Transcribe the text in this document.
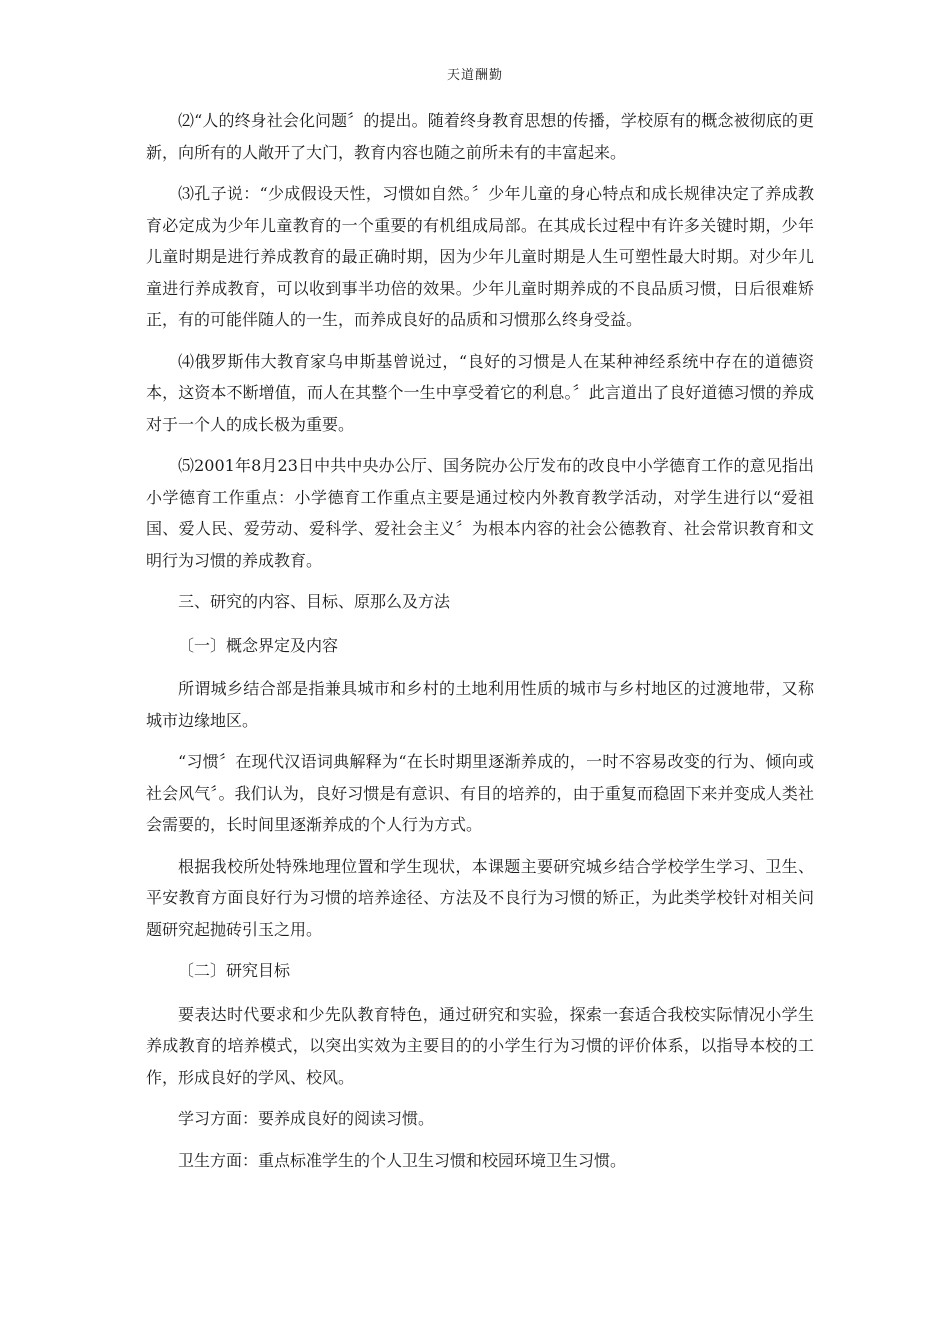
天道酬勤

⑵“人的终身社会化问题〞的提出。随着终身教育思想的传播，学校原有的概念被彻底的更新，向所有的人敞开了大门，教育内容也随之前所未有的丰富起来。

⑶孔子说：“少成假设天性，习惯如自然。〞少年儿童的身心特点和成长规律决定了养成教育必定成为少年儿童教育的一个重要的有机组成局部。在其成长过程中有许多关键时期，少年儿童时期是进行养成教育的最正确时期，因为少年儿童时期是人生可塑性最大时期。对少年儿童进行养成教育，可以收到事半功倍的效果。少年儿童时期养成的不良品质习惯，日后很难矫正，有的可能伴随人的一生，而养成良好的品质和习惯那么终身受益。

⑷俄罗斯伟大教育家乌申斯基曾说过，“良好的习惯是人在某种神经系统中存在的道德资本，这资本不断增值，而人在其整个一生中享受着它的利息。〞此言道出了良好道德习惯的养成对于一个人的成长极为重要。

⑸2001年8月23日中共中央办公厅、国务院办公厅发布的改良中小学德育工作的意见指出小学德育工作重点：小学德育工作重点主要是通过校内外教育教学活动，对学生进行以“爱祖国、爱人民、爱劳动、爱科学、爱社会主义〞为根本内容的社会公德教育、社会常识教育和文明行为习惯的养成教育。

三、研究的内容、目标、原那么及方法

〔一〕概念界定及内容

所谓城乡结合部是指兼具城市和乡村的土地利用性质的城市与乡村地区的过渡地带，又称城市边缘地区。

“习惯〞在现代汉语词典解释为“在长时期里逐渐养成的，一时不容易改变的行为、倾向或社会风气〞。我们认为，良好习惯是有意识、有目的培养的，由于重复而稳固下来并变成人类社会需要的，长时间里逐渐养成的个人行为方式。

根据我校所处特殊地理位置和学生现状，本课题主要研究城乡结合学校学生学习、卫生、平安教育方面良好行为习惯的培养途径、方法及不良行为习惯的矫正，为此类学校针对相关问题研究起抛砖引玉之用。

〔二〕研究目标

要表达时代要求和少先队教育特色，通过研究和实验，探索一套适合我校实际情况小学生养成教育的培养模式，以突出实效为主要目的的小学生行为习惯的评价体系，以指导本校的工作，形成良好的学风、校风。

学习方面：要养成良好的阅读习惯。

卫生方面：重点标准学生的个人卫生习惯和校园环境卫生习惯。
